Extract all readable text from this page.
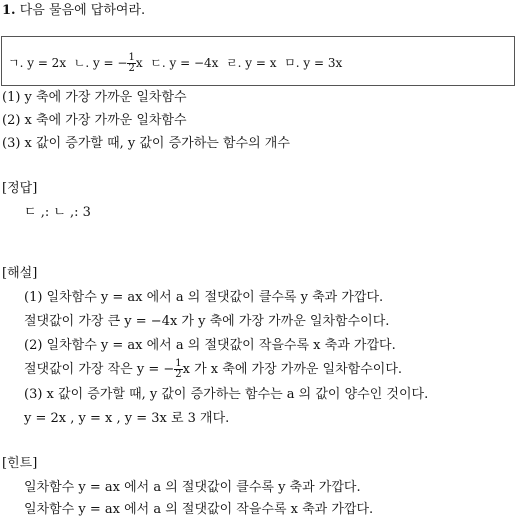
1. 다음 물음에 답하여라.
ㄱ. y = 2x ㄴ. y = − $\frac{1}{2}$ x ㄷ. y = −4x ㄹ. y = x ㅁ. y = 3x
(1) y 축에 가장 가까운 일차함수
(2) x 축에 가장 가까운 일차함수
(3) x 값이 증가할 때, y 값이 증가하는 함수의 개수
[정답]
ㄷ ,: ㄴ ,: 3
[해설]
(1) 일차함수 y = ax 에서 a 의 절댓값이 클수록 y 축과 가깝다.
절댓값이 가장 큰 y = −4x 가 y 축에 가장 가까운 일차함수이다.
(2) 일차함수 y = ax 에서 a 의 절댓값이 작을수록 x 축과 가깝다.
절댓값이 가장 작은 y = − $\frac{1}{2}$ x 가 x 축에 가장 가까운 일차함수이다.
(3) x 값이 증가할 때, y 값이 증가하는 함수는 a 의 값이 양수인 것이다.
y = 2x , y = x , y = 3x 로 3 개다.
[힌트]
일차함수 y = ax 에서 a 의 절댓값이 클수록 y 축과 가깝다.
일차함수 y = ax 에서 a 의 절댓값이 작을수록 x 축과 가깝다.
